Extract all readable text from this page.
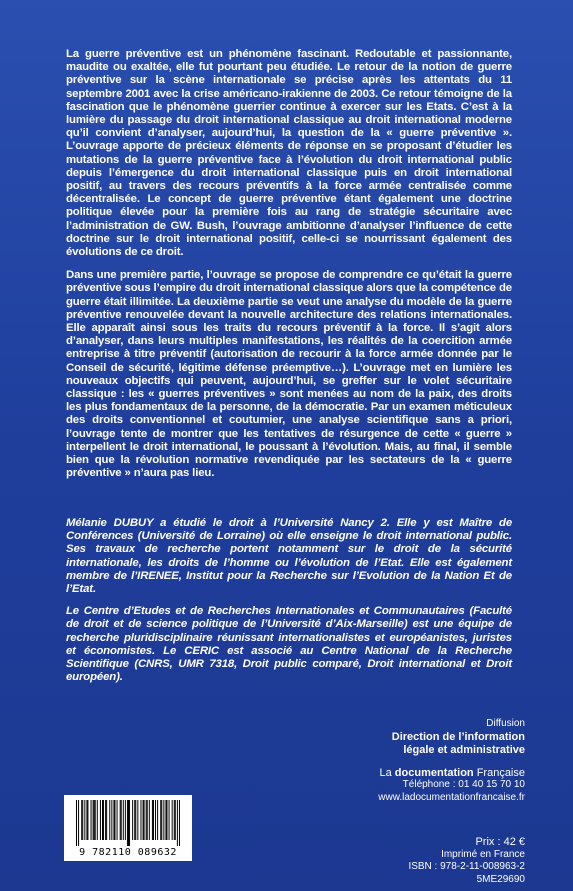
La guerre préventive est un phénomène fascinant. Redoutable et passionnante, maudite ou exaltée, elle fut pourtant peu étudiée. Le retour de la notion de guerre préventive sur la scène internationale se précise après les attentats du 11 septembre 2001 avec la crise américano-irakienne de 2003. Ce retour témoigne de la fascination que le phénomène guerrier continue à exercer sur les Etats. C’est à la lumière du passage du droit international classique au droit international moderne qu’il convient d’analyser, aujourd’hui, la question de la « guerre préventive ». L’ouvrage apporte de précieux éléments de réponse en se proposant d’étudier les mutations de la guerre préventive face à l’évolution du droit international public depuis l’émergence du droit international classique puis en droit international positif, au travers des recours préventifs à la force armée centralisée comme décentralisée. Le concept de guerre préventive étant également une doctrine politique élevée pour la première fois au rang de stratégie sécuritaire avec l’administration de GW. Bush, l’ouvrage ambitionne d’analyser l’influence de cette doctrine sur le droit international positif, celle-ci se nourrissant également des évolutions de ce droit.

Dans une première partie, l’ouvrage se propose de comprendre ce qu’était la guerre préventive sous l’empire du droit international classique alors que la compétence de guerre était illimitée. La deuxième partie se veut une analyse du modèle de la guerre préventive renouvelée devant la nouvelle architecture des relations internationales. Elle apparaît ainsi sous les traits du recours préventif à la force. Il s’agit alors d’analyser, dans leurs multiples manifestations, les réalités de la coercition armée entreprise à titre préventif (autorisation de recourir à la force armée donnée par le Conseil de sécurité, légitime défense préemptive…). L’ouvrage met en lumière les nouveaux objectifs qui peuvent, aujourd’hui, se greffer sur le volet sécuritaire classique : les « guerres préventives » sont menées au nom de la paix, des droits les plus fondamentaux de la personne, de la démocratie. Par un examen méticuleux des droits conventionnel et coutumier, une analyse scientifique sans a priori, l’ouvrage tente de montrer que les tentatives de résurgence de cette « guerre » interpellent le droit international, le poussant à l’évolution. Mais, au final, il semble bien que la révolution normative revendiquée par les sectateurs de la « guerre préventive » n’aura pas lieu.

Mélanie DUBUY a étudié le droit à l’Université Nancy 2. Elle y est Maître de Conférences (Université de Lorraine) où elle enseigne le droit international public. Ses travaux de recherche portent notamment sur le droit de la sécurité internationale, les droits de l’homme ou l’évolution de l’Etat. Elle est également membre de l’IRENEE, Institut pour la Recherche sur l’Evolution de la Nation Et de l’Etat.

Le Centre d’Etudes et de Recherches Internationales et Communautaires (Faculté de droit et de science politique de l’Université d’Aix-Marseille) est une équipe de recherche pluridisciplinaire réunissant internationalistes et européanistes, juristes et économistes. Le CERIC est associé au Centre National de la Recherche Scientifique (CNRS, UMR 7318, Droit public comparé, Droit international et Droit européen).

Diffusion
Direction de l’information
légale et administrative
La documentation Française
Téléphone : 01 40 15 70 10
www.ladocumentationfrancaise.fr
Prix : 42 €
Imprimé en France
ISBN : 978-2-11-008963-2
5ME29690
9 782110 089632
